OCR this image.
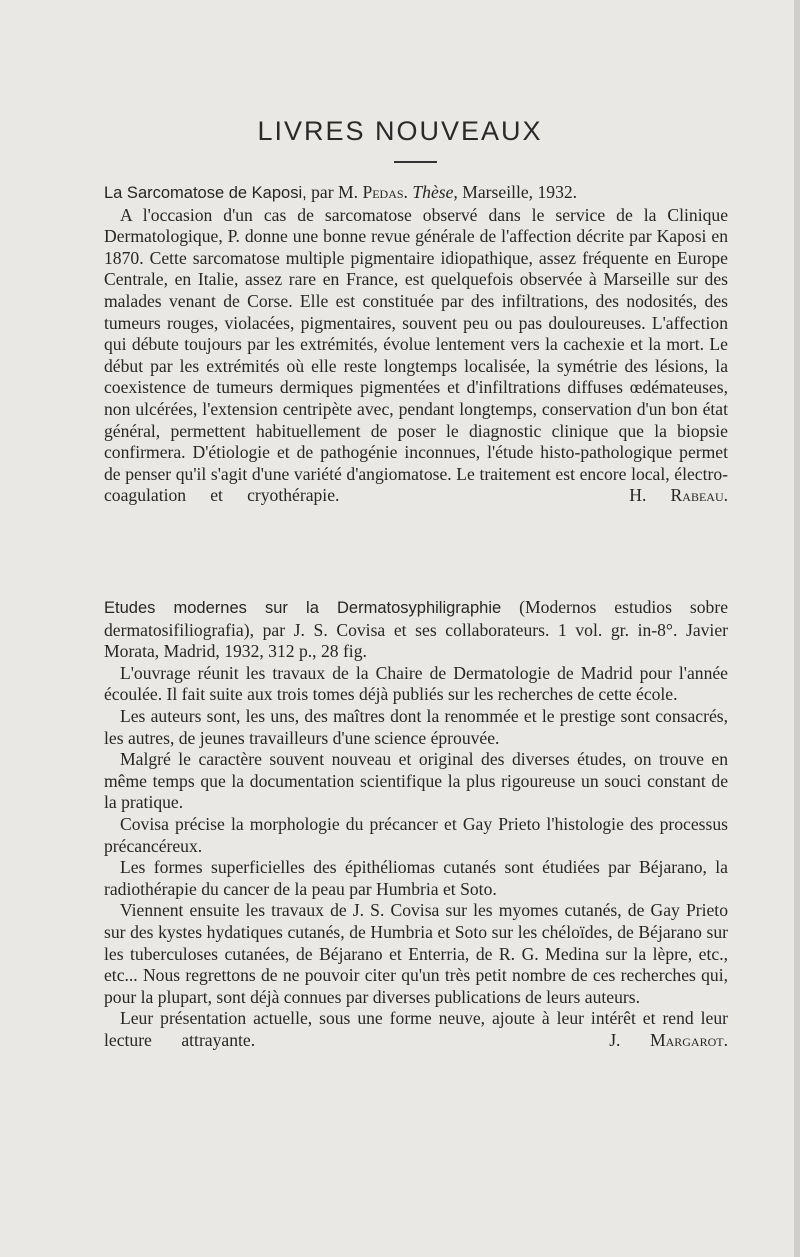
LIVRES NOUVEAUX

La Sarcomatose de Kaposi, par M. Pedas. Thèse, Marseille, 1932.

A l'occasion d'un cas de sarcomatose observé dans le service de la Clinique Dermatologique, P. donne une bonne revue générale de l'affection décrite par Kaposi en 1870. Cette sarcomatose multiple pigmentaire idiopathique, assez fréquente en Europe Centrale, en Italie, assez rare en France, est quelquefois observée à Marseille sur des malades venant de Corse. Elle est constituée par des infiltrations, des nodosités, des tumeurs rouges, violacées, pigmentaires, souvent peu ou pas douloureuses. L'affection qui débute toujours par les extrémités, évolue lentement vers la cachexie et la mort. Le début par les extrémités où elle reste longtemps localisée, la symétrie des lésions, la coexistence de tumeurs dermiques pigmentées et d'infiltrations diffuses œdémateuses, non ulcérées, l'extension centripète avec, pendant longtemps, conservation d'un bon état général, permettent habituellement de poser le diagnostic clinique que la biopsie confirmera. D'étiologie et de pathogénie inconnues, l'étude histo-pathologique permet de penser qu'il s'agit d'une variété d'angiomatose. Le traitement est encore local, électro-coagulation et cryothérapie.	H. Rabeau.

Etudes modernes sur la Dermatosyphiligraphie (Modernos estudios sobre dermatosifiliografia), par J. S. Covisa et ses collaborateurs. 1 vol. gr. in-8°. Javier Morata, Madrid, 1932, 312 p., 28 fig.

L'ouvrage réunit les travaux de la Chaire de Dermatologie de Madrid pour l'année écoulée. Il fait suite aux trois tomes déjà publiés sur les recherches de cette école.

Les auteurs sont, les uns, des maîtres dont la renommée et le prestige sont consacrés, les autres, de jeunes travailleurs d'une science éprouvée.

Malgré le caractère souvent nouveau et original des diverses études, on trouve en même temps que la documentation scientifique la plus rigoureuse un souci constant de la pratique.

Covisa précise la morphologie du précancer et Gay Prieto l'histologie des processus précancéreux.

Les formes superficielles des épithéliomas cutanés sont étudiées par Béjarano, la radiothérapie du cancer de la peau par Humbria et Soto.

Viennent ensuite les travaux de J. S. Covisa sur les myomes cutanés, de Gay Prieto sur des kystes hydatiques cutanés, de Humbria et Soto sur les chéloïdes, de Béjarano sur les tuberculoses cutanées, de Béjarano et Enterria, de R. G. Medina sur la lèpre, etc., etc... Nous regrettons de ne pouvoir citer qu'un très petit nombre de ces recherches qui, pour la plupart, sont déjà connues par diverses publications de leurs auteurs.

Leur présentation actuelle, sous une forme neuve, ajoute à leur intérêt et rend leur lecture attrayante.	J. Margarot.
